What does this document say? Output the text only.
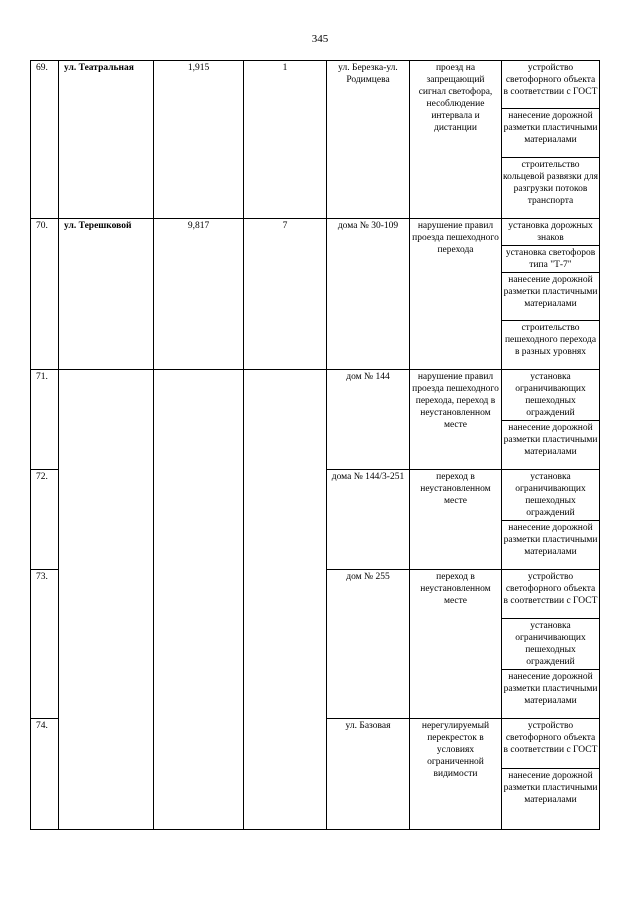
345
69.	ул. Театральная	1,915	1	ул. Березка-ул. Родимцева	проезд на запрещающий сигнал светофора, несоблюдение интервала и дистанции	устройство светофорного объекта в соответствии с ГОСТ
						нанесение дорожной разметки пластичными материалами
						строительство кольцевой развязки для разгрузки потоков транспорта
70.	ул. Терешковой	9,817	7	дома № 30-109	нарушение правил проезда пешеходного перехода	установка дорожных знаков
						установка светофоров типа "Т-7"
						нанесение дорожной разметки пластичными материалами
						строительство пешеходного перехода в разных уровнях
71.				дом № 144	нарушение правил проезда пешеходного перехода, переход в неустановленном месте	установка ограничивающих пешеходных ограждений
						нанесение дорожной разметки пластичными материалами
72.				дома № 144/3-251	переход в неустановленном месте	установка ограничивающих пешеходных ограждений
						нанесение дорожной разметки пластичными материалами
73.				дом № 255	переход в неустановленном месте	устройство светофорного объекта в соответствии с ГОСТ
						установка ограничивающих пешеходных ограждений
						нанесение дорожной разметки пластичными материалами
74.				ул. Базовая	нерегулируемый перекресток в условиях ограниченной видимости	устройство светофорного объекта в соответствии с ГОСТ
						нанесение дорожной разметки пластичными материалами
